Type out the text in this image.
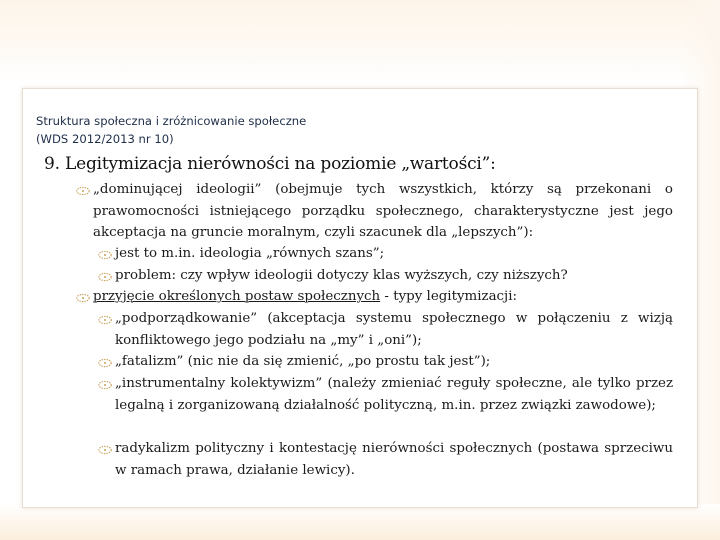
Struktura społeczna i zróżnicowanie społeczne
(WDS 2012/2013 nr 10)
9. Legitymizacja nierówności na poziomie „wartości”:
„dominującej ideologii” (obejmuje tych wszystkich, którzy są przekonani o prawomocności istniejącego porządku społecznego, charakterystyczne jest jego akceptacja na gruncie moralnym, czyli szacunek dla „lepszych”):
jest to m.in. ideologia „równych szans”;
problem: czy wpływ ideologii dotyczy klas wyższych, czy niższych?
przyjęcie określonych postaw społecznych - typy legitymizacji:
„podporządkowanie” (akceptacja systemu społecznego w połączeniu z wizją konfliktowego jego podziału na „my” i „oni”);
„fatalizm” (nic nie da się zmienić, „po prostu tak jest”);
„instrumentalny kolektywizm” (należy zmieniać reguły społeczne, ale tylko przez legalną i zorganizowaną działalność polityczną, m.in. przez związki zawodowe);
radykalizm polityczny i kontestację nierówności społecznych (postawa sprzeciwu w ramach prawa, działanie lewicy).
